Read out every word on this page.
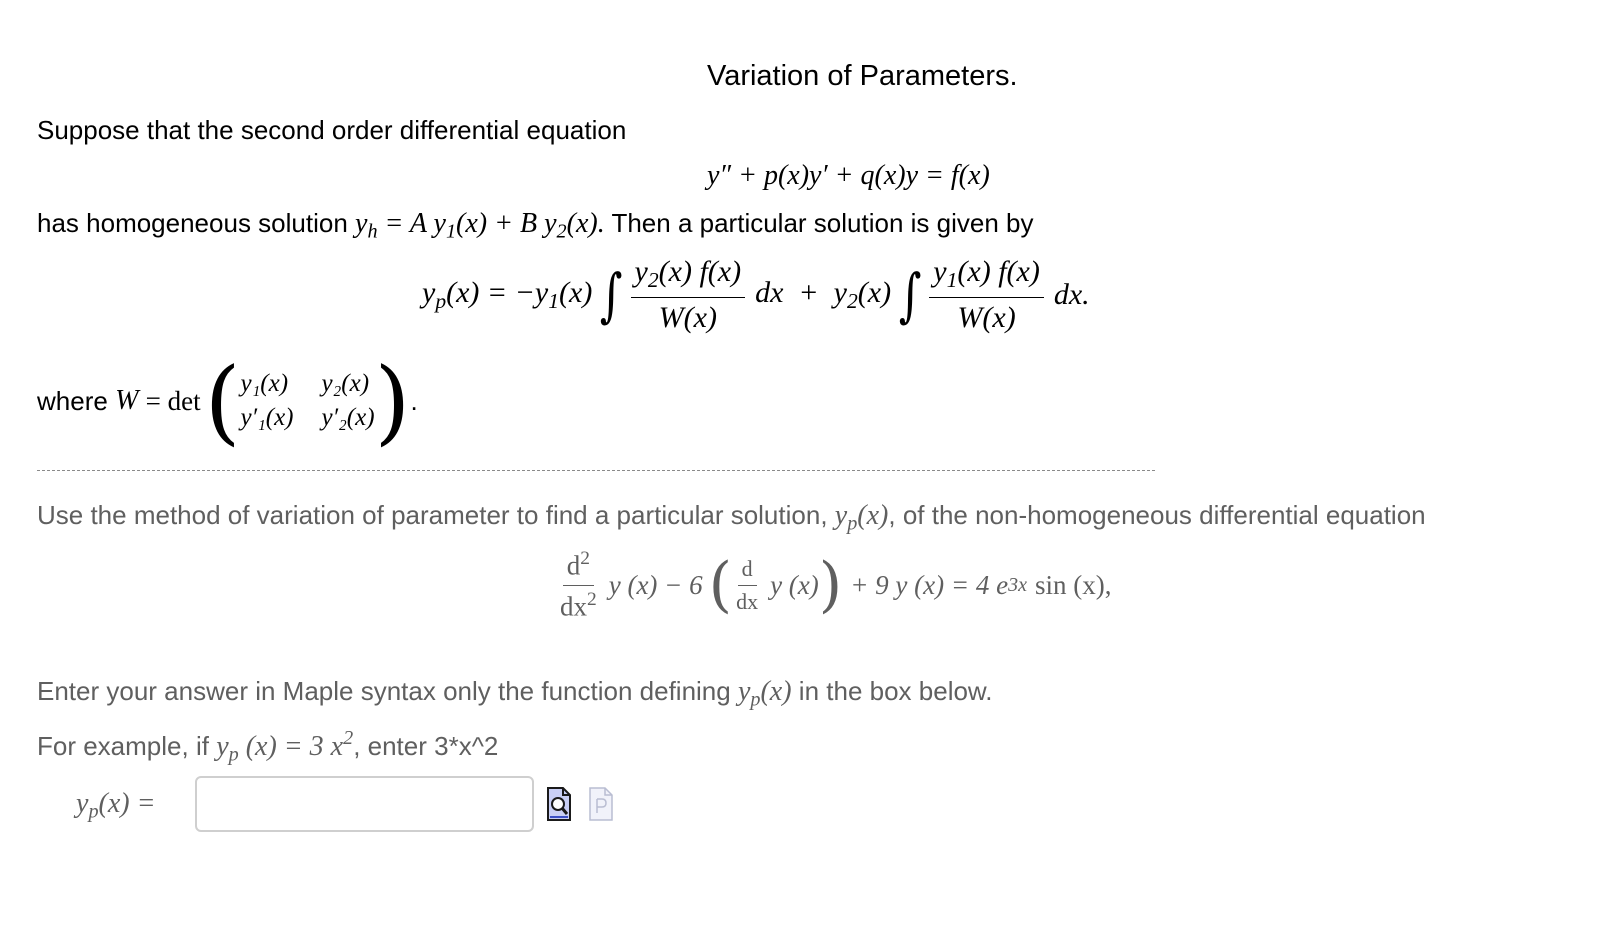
Variation of Parameters.
Suppose that the second order differential equation
y″ + p(x)y′ + q(x)y = f(x)
has homogeneous solution $y_h = A$ $y_1(x) + B$ $y_2(x)$. Then a particular solution is given by
$y_p(x) = -y_1(x)$ ∫ $\frac{y_2(x) f(x)}{W(x)}$ dx  +  $y_2(x)$ ∫ $\frac{y_1(x) f(x)}{W(x)}$ dx.
where
W
= det ( y₁(x) y₂(x)
y′₁(x) y′₂(x) ) .
Use the method of variation of parameter to find a particular solution, $y_p(x)$, of the non-homogeneous differential equation
$\frac{d^2}{dx^2}$ y (x) − 6 ( $\frac{d}{dx}$ y (x) ) + 9 y (x) = 4 e 3x sin (x),
Enter your answer in Maple syntax only the function defining $y_p(x)$ in the box below.
For example, if $y_p$ (x) = 3 $x^2$, enter 3*x^2
$y_p(x)$ =
